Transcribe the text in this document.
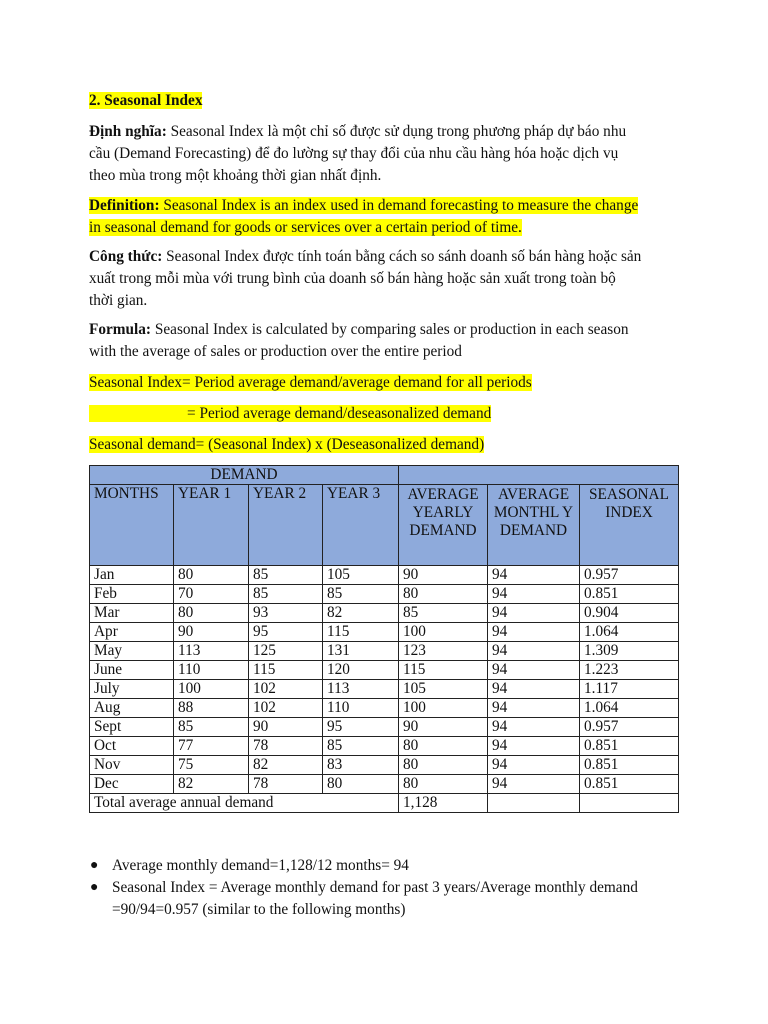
2. Seasonal Index

Định nghĩa: Seasonal Index là một chỉ số được sử dụng trong phương pháp dự báo nhu
cầu (Demand Forecasting) để đo lường sự thay đổi của nhu cầu hàng hóa hoặc dịch vụ
theo mùa trong một khoảng thời gian nhất định.

Definition: Seasonal Index is an index used in demand forecasting to measure the change
in seasonal demand for goods or services over a certain period of time.

Công thức: Seasonal Index được tính toán bằng cách so sánh doanh số bán hàng hoặc sản
xuất trong mỗi mùa với trung bình của doanh số bán hàng hoặc sản xuất trong toàn bộ
thời gian.

Formula: Seasonal Index is calculated by comparing sales or production in each season
with the average of sales or production over the entire period

Seasonal Index= Period average demand/average demand for all periods

= Period average demand/deseasonalized demand

Seasonal demand= (Seasonal Index) x (Deseasonalized demand)

DEMAND						
MONTHS	YEAR 1	YEAR 2	YEAR 3	AVERAGE YEARLY DEMAND	AVERAGE MONTHL Y DEMAND	SEASONAL INDEX
Jan	80	85	105	90	94	0.957
Feb	70	85	85	80	94	0.851
Mar	80	93	82	85	94	0.904
Apr	90	95	115	100	94	1.064
May	113	125	131	123	94	1.309
June	110	115	120	115	94	1.223
July	100	102	113	105	94	1.117
Aug	88	102	110	100	94	1.064
Sept	85	90	95	90	94	0.957
Oct	77	78	85	80	94	0.851
Nov	75	82	83	80	94	0.851
Dec	82	78	80	80	94	0.851
Total average annual demand				1,128		

● Average monthly demand=1,128/12 months= 94

● Seasonal Index = Average monthly demand for past 3 years/Average monthly demand =90/94=0.957 (similar to the following months)
